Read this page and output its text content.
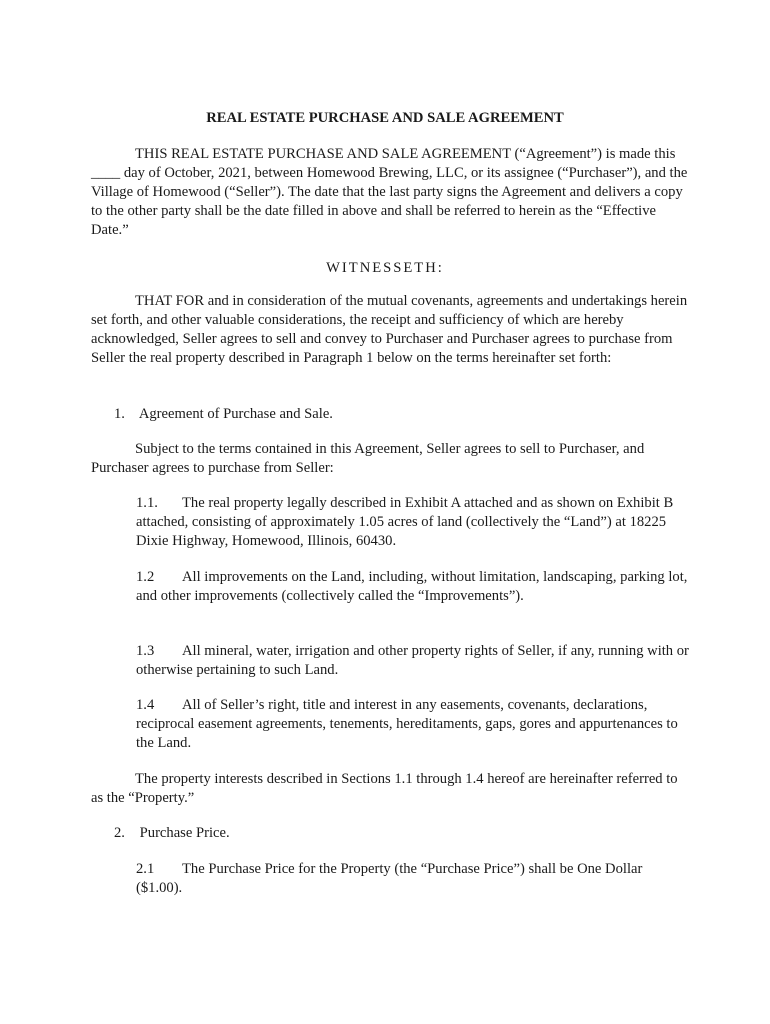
REAL ESTATE PURCHASE AND SALE AGREEMENT

THIS REAL ESTATE PURCHASE AND SALE AGREEMENT (“Agreement”) is made this ____ day of October, 2021, between Homewood Brewing, LLC, or its assignee (“Purchaser”), and the Village of Homewood (“Seller”). The date that the last party signs the Agreement and delivers a copy to the other party shall be the date filled in above and shall be referred to herein as the “Effective Date.”

WITNESSETH:

THAT FOR and in consideration of the mutual covenants, agreements and undertakings herein set forth, and other valuable considerations, the receipt and sufficiency of which are hereby acknowledged, Seller agrees to sell and convey to Purchaser and Purchaser agrees to purchase from Seller the real property described in Paragraph 1 below on the terms hereinafter set forth:

1. Agreement of Purchase and Sale.

Subject to the terms contained in this Agreement, Seller agrees to sell to Purchaser, and Purchaser agrees to purchase from Seller:

1.1. The real property legally described in Exhibit A attached and as shown on Exhibit B attached, consisting of approximately 1.05 acres of land (collectively the “Land”) at 18225 Dixie Highway, Homewood, Illinois, 60430.

1.2 All improvements on the Land, including, without limitation, landscaping, parking lot, and other improvements (collectively called the “Improvements”).

1.3 All mineral, water, irrigation and other property rights of Seller, if any, running with or otherwise pertaining to such Land.

1.4 All of Seller’s right, title and interest in any easements, covenants, declarations, reciprocal easement agreements, tenements, hereditaments, gaps, gores and appurtenances to the Land.

The property interests described in Sections 1.1 through 1.4 hereof are hereinafter referred to as the “Property.”

2. Purchase Price.

2.1 The Purchase Price for the Property (the “Purchase Price”) shall be One Dollar ($1.00).
